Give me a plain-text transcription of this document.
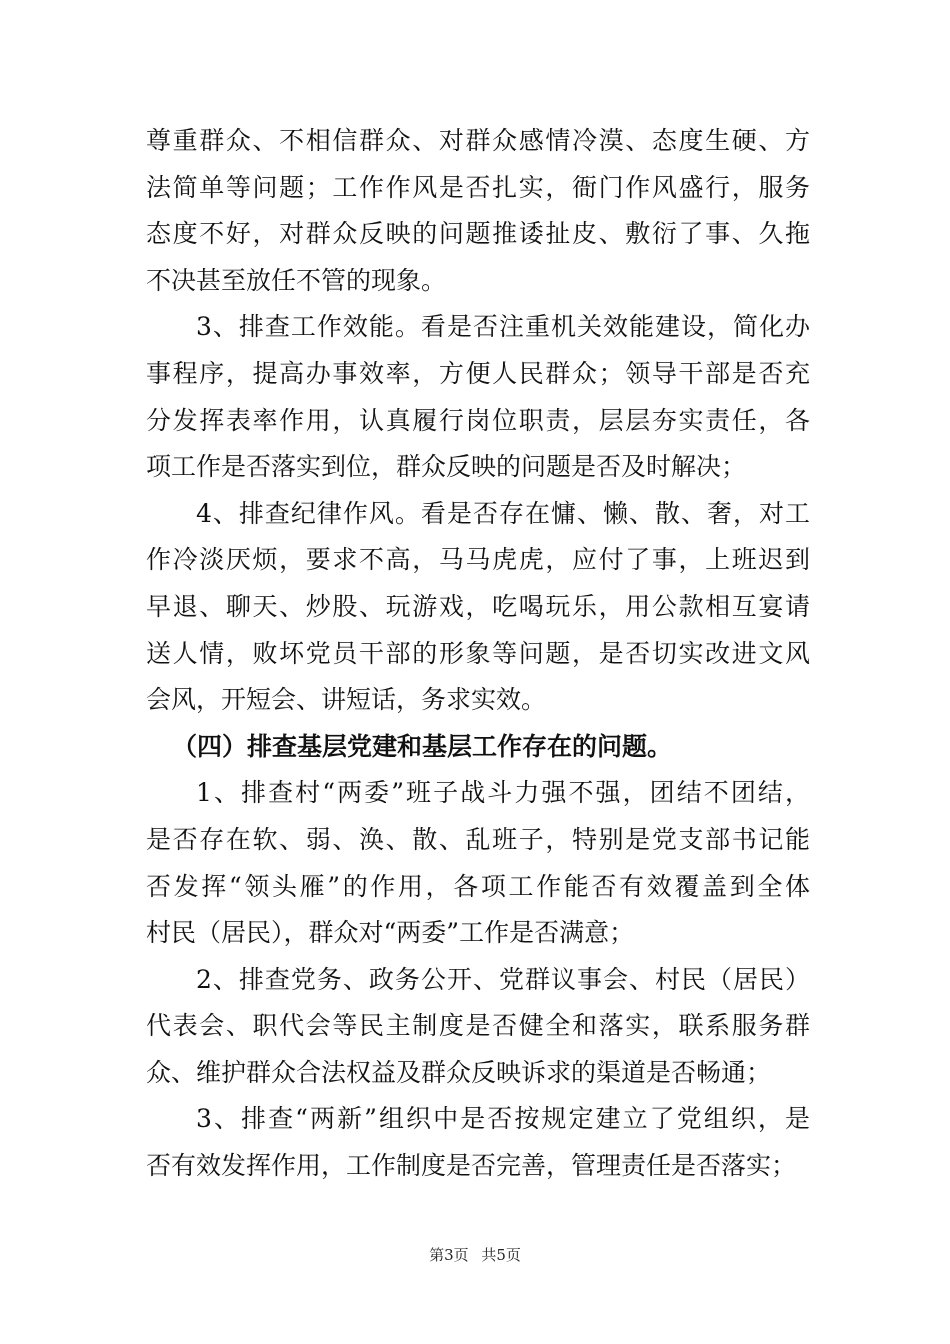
尊重群众、不相信群众、对群众感情冷漠、态度生硬、方
法简单等问题；工作作风是否扎实，衙门作风盛行，服务
态度不好，对群众反映的问题推诿扯皮、敷衍了事、久拖
不决甚至放任不管的现象。
3、排查工作效能。看是否注重机关效能建设，简化办
事程序，提高办事效率，方便人民群众；领导干部是否充
分发挥表率作用，认真履行岗位职责，层层夯实责任，各
项工作是否落实到位，群众反映的问题是否及时解决；
4、排查纪律作风。看是否存在慵、懒、散、奢，对工
作冷淡厌烦，要求不高，马马虎虎，应付了事，上班迟到
早退、聊天、炒股、玩游戏，吃喝玩乐，用公款相互宴请
送人情，败坏党员干部的形象等问题，是否切实改进文风
会风，开短会、讲短话，务求实效。
（四）排查基层党建和基层工作存在的问题。
1、排查村“两委”班子战斗力强不强，团结不团结，
是否存在软、弱、涣、散、乱班子，特别是党支部书记能
否发挥“领头雁”的作用，各项工作能否有效覆盖到全体
村民（居民），群众对“两委”工作是否满意；
2、排查党务、政务公开、党群议事会、村民（居民）
代表会、职代会等民主制度是否健全和落实，联系服务群
众、维护群众合法权益及群众反映诉求的渠道是否畅通；
3、排查“两新”组织中是否按规定建立了党组织，是
否有效发挥作用，工作制度是否完善，管理责任是否落实；
第3页 共5页
